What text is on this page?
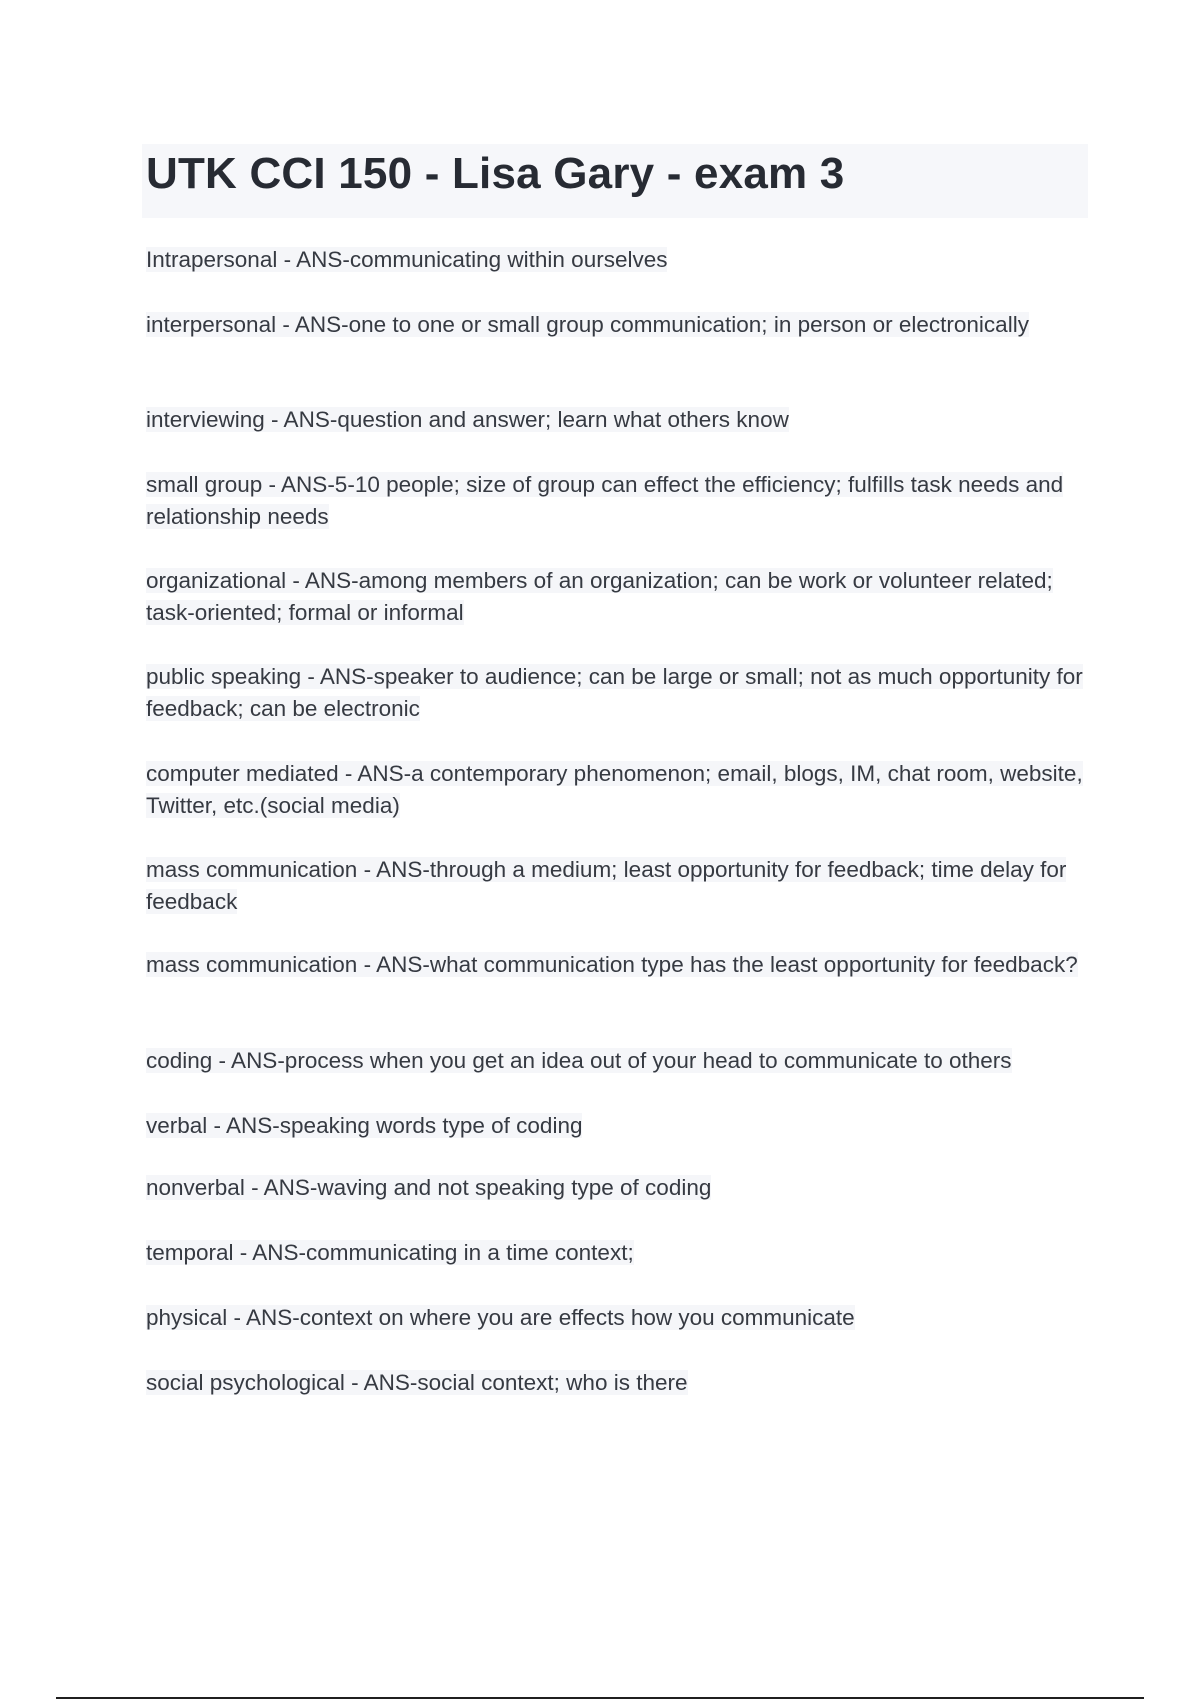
UTK CCI 150 - Lisa Gary - exam 3
Intrapersonal - ANS-communicating within ourselves
interpersonal - ANS-one to one or small group communication; in person or electronically
interviewing - ANS-question and answer; learn what others know
small group - ANS-5-10 people; size of group can effect the efficiency; fulfills task needs and relationship needs
organizational - ANS-among members of an organization; can be work or volunteer related; task-oriented; formal or informal
public speaking - ANS-speaker to audience; can be large or small; not as much opportunity for feedback; can be electronic
computer mediated - ANS-a contemporary phenomenon; email, blogs, IM, chat room, website, Twitter, etc.(social media)
mass communication - ANS-through a medium; least opportunity for feedback; time delay for feedback
mass communication - ANS-what communication type has the least opportunity for feedback?
coding - ANS-process when you get an idea out of your head to communicate to others
verbal - ANS-speaking words type of coding
nonverbal - ANS-waving and not speaking type of coding
temporal - ANS-communicating in a time context;
physical - ANS-context on where you are effects how you communicate
social psychological - ANS-social context; who is there
